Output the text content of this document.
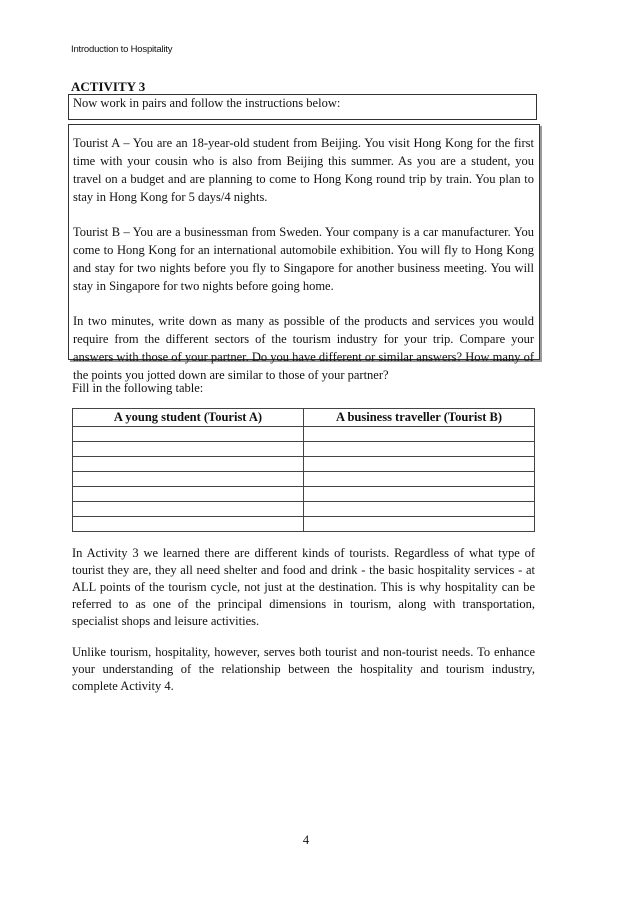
Introduction to Hospitality
ACTIVITY 3
Now work in pairs and follow the instructions below:

Tourist A – You are an 18-year-old student from Beijing. You visit Hong Kong for the first time with your cousin who is also from Beijing this summer. As you are a student, you travel on a budget and are planning to come to Hong Kong round trip by train. You plan to stay in Hong Kong for 5 days/4 nights.

Tourist B – You are a businessman from Sweden. Your company is a car manufacturer. You come to Hong Kong for an international automobile exhibition. You will fly to Hong Kong and stay for two nights before you fly to Singapore for another business meeting. You will stay in Singapore for two nights before going home.

In two minutes, write down as many as possible of the products and services you would require from the different sectors of the tourism industry for your trip. Compare your answers with those of your partner. Do you have different or similar answers? How many of the points you jotted down are similar to those of your partner?

Fill in the following table:
A young student (Tourist A)	A business traveller (Tourist B)

In Activity 3 we learned there are different kinds of tourists. Regardless of what type of tourist they are, they all need shelter and food and drink - the basic hospitality services - at ALL points of the tourism cycle, not just at the destination. This is why hospitality can be referred to as one of the principal dimensions in tourism, along with transportation, specialist shops and leisure activities.

Unlike tourism, hospitality, however, serves both tourist and non-tourist needs. To enhance your understanding of the relationship between the hospitality and tourism industry, complete Activity 4.

4
